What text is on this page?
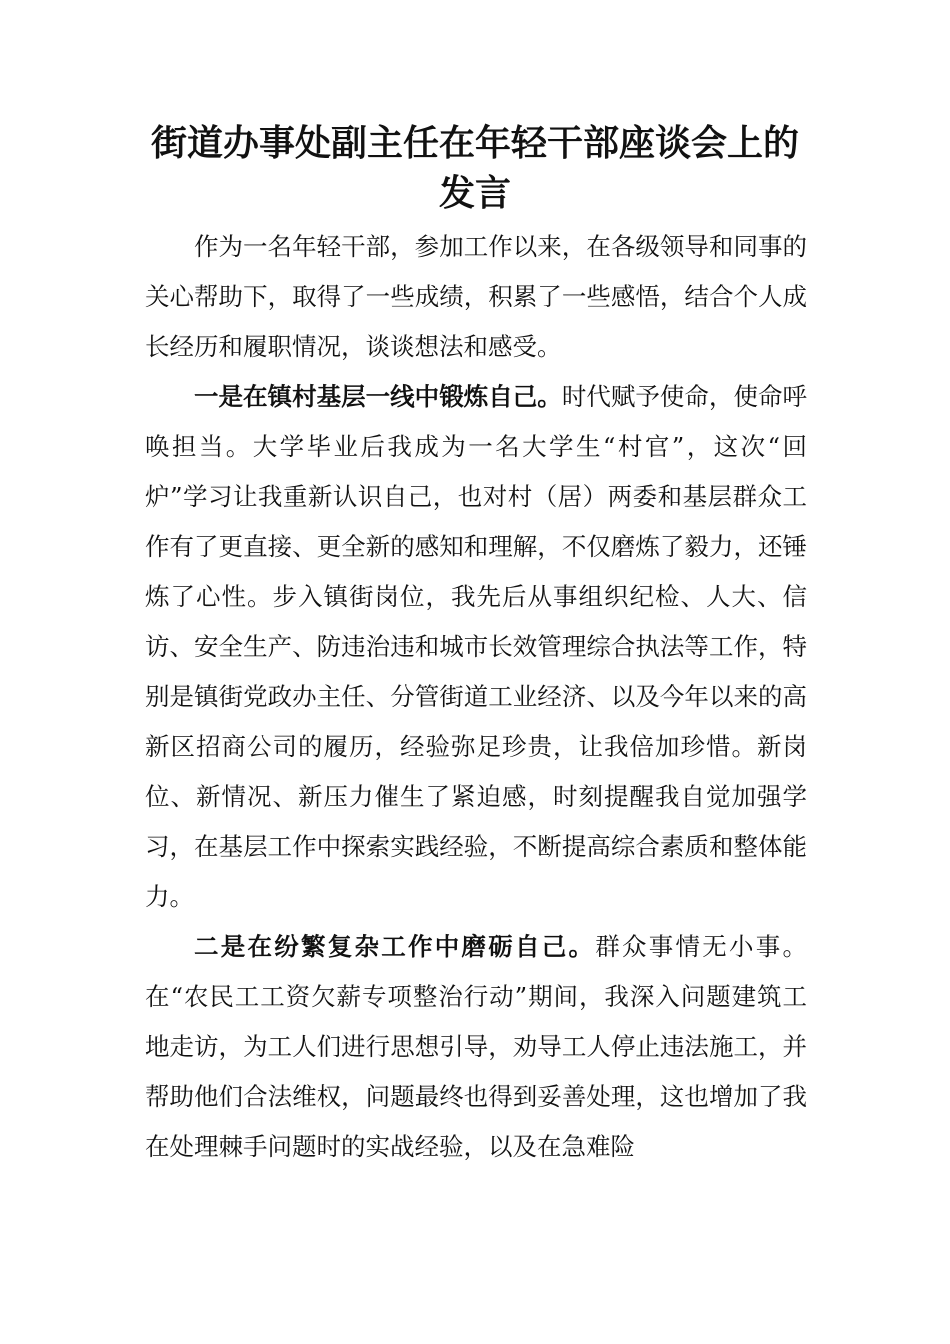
街道办事处副主任在年轻干部座谈会上的发言

作为一名年轻干部，参加工作以来，在各级领导和同事的关心帮助下，取得了一些成绩，积累了一些感悟，结合个人成长经历和履职情况，谈谈想法和感受。

一是在镇村基层一线中锻炼自己。时代赋予使命，使命呼唤担当。大学毕业后我成为一名大学生“村官”，这次“回炉”学习让我重新认识自己，也对村（居）两委和基层群众工作有了更直接、更全新的感知和理解，不仅磨炼了毅力，还锤炼了心性。步入镇街岗位，我先后从事组织纪检、人大、信访、安全生产、防违治违和城市长效管理综合执法等工作，特别是镇街党政办主任、分管街道工业经济、以及今年以来的高新区招商公司的履历，经验弥足珍贵，让我倍加珍惜。新岗位、新情况、新压力催生了紧迫感，时刻提醒我自觉加强学习，在基层工作中探索实践经验，不断提高综合素质和整体能力。

二是在纷繁复杂工作中磨砺自己。群众事情无小事。在“农民工工资欠薪专项整治行动”期间，我深入问题建筑工地走访，为工人们进行思想引导，劝导工人停止违法施工，并帮助他们合法维权，问题最终也得到妥善处理，这也增加了我在处理棘手问题时的实战经验，以及在急难险
